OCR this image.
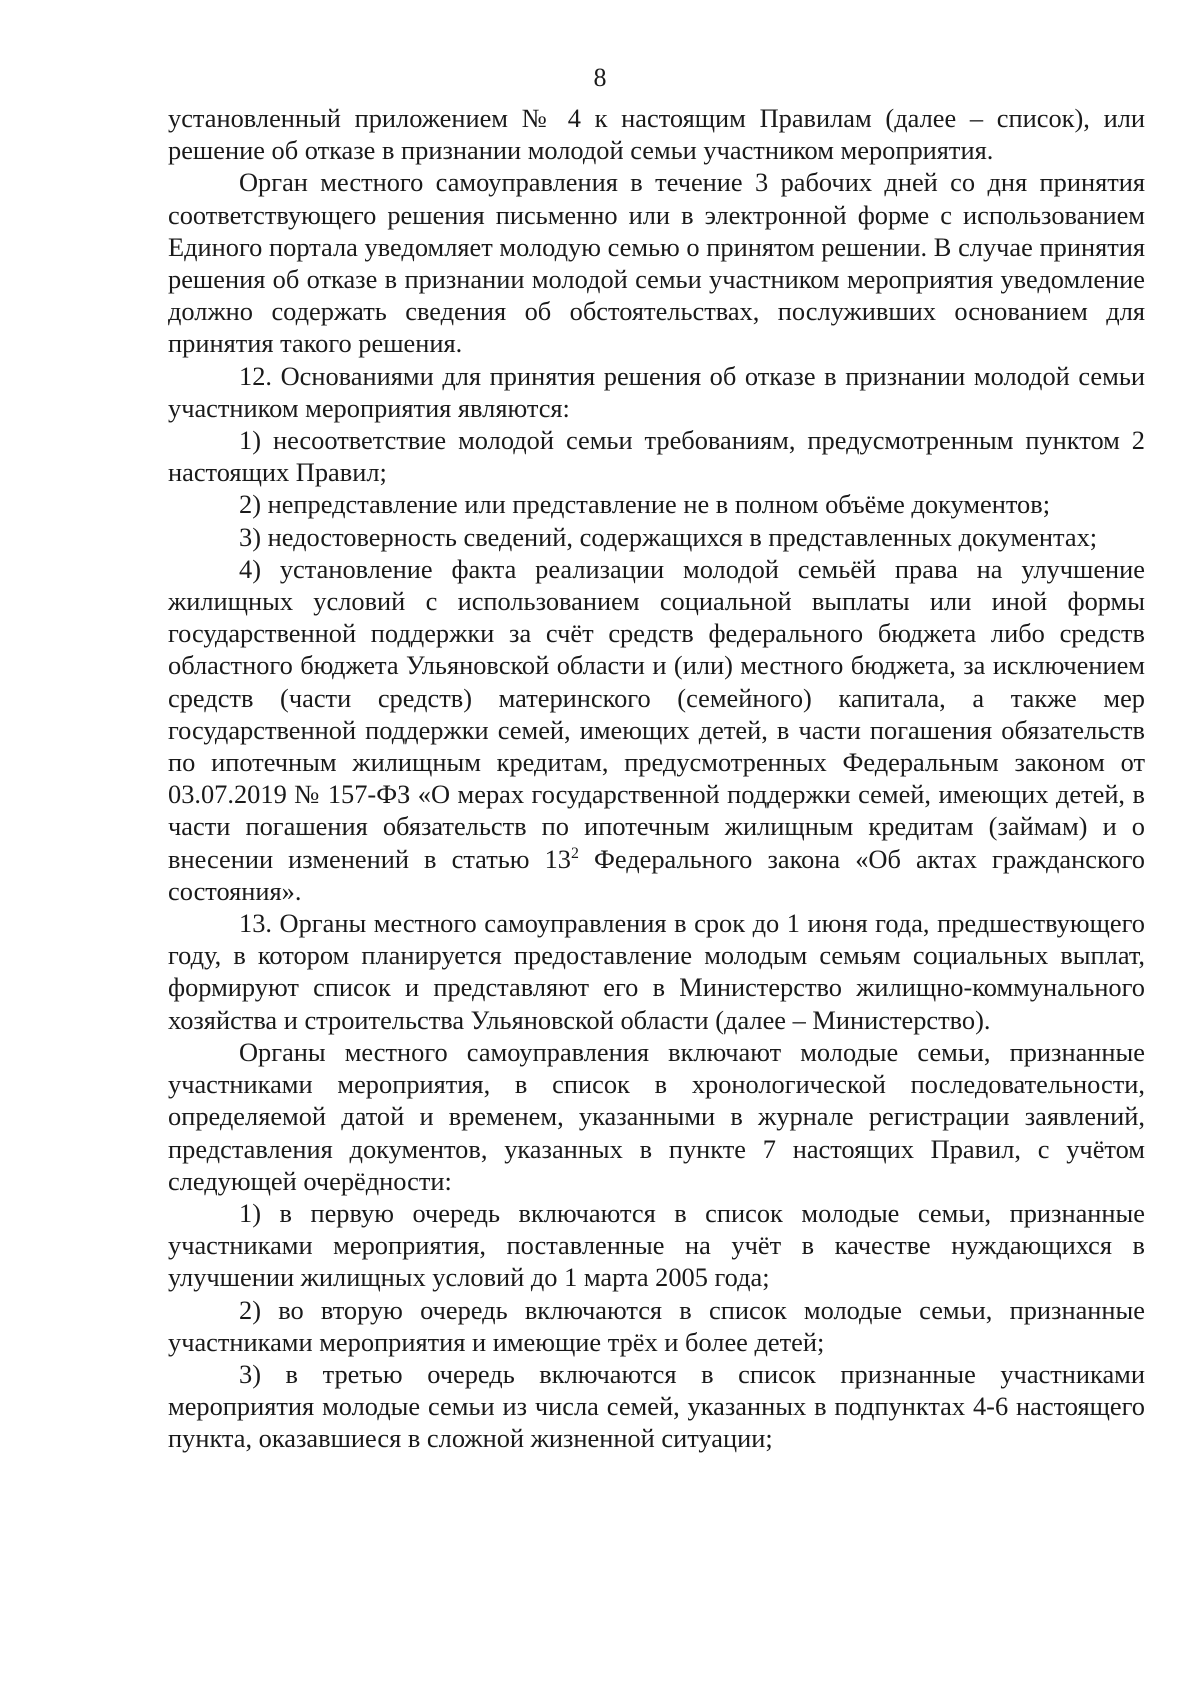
8

установленный приложением № 4 к настоящим Правилам (далее – список), или решение об отказе в признании молодой семьи участником мероприятия.

Орган местного самоуправления в течение 3 рабочих дней со дня принятия соответствующего решения письменно или в электронной форме с использованием Единого портала уведомляет молодую семью о принятом решении. В случае принятия решения об отказе в признании молодой семьи участником мероприятия уведомление должно содержать сведения об обстоятельствах, послуживших основанием для принятия такого решения.

12. Основаниями для принятия решения об отказе в признании молодой семьи участником мероприятия являются:

1) несоответствие молодой семьи требованиям, предусмотренным пунктом 2 настоящих Правил;

2) непредставление или представление не в полном объёме документов;

3) недостоверность сведений, содержащихся в представленных документах;

4) установление факта реализации молодой семьёй права на улучшение жилищных условий с использованием социальной выплаты или иной формы государственной поддержки за счёт средств федерального бюджета либо средств областного бюджета Ульяновской области и (или) местного бюджета, за исключением средств (части средств) материнского (семейного) капитала, а также мер государственной поддержки семей, имеющих детей, в части погашения обязательств по ипотечным жилищным кредитам, предусмотренных Федеральным законом от 03.07.2019 № 157-ФЗ «О мерах государственной поддержки семей, имеющих детей, в части погашения обязательств по ипотечным жилищным кредитам (займам) и о внесении изменений в статью $13^2$ Федерального закона «Об актах гражданского состояния».

13. Органы местного самоуправления в срок до 1 июня года, предшествующего году, в котором планируется предоставление молодым семьям социальных выплат, формируют список и представляют его в Министерство жилищно-коммунального хозяйства и строительства Ульяновской области (далее – Министерство).

Органы местного самоуправления включают молодые семьи, признанные участниками мероприятия, в список в хронологической последовательности, определяемой датой и временем, указанными в журнале регистрации заявлений, представления документов, указанных в пункте 7 настоящих Правил, с учётом следующей очерёдности:

1) в первую очередь включаются в список молодые семьи, признанные участниками мероприятия, поставленные на учёт в качестве нуждающихся в улучшении жилищных условий до 1 марта 2005 года;

2) во вторую очередь включаются в список молодые семьи, признанные участниками мероприятия и имеющие трёх и более детей;

3) в третью очередь включаются в список признанные участниками мероприятия молодые семьи из числа семей, указанных в подпунктах 4-6 настоящего пункта, оказавшиеся в сложной жизненной ситуации;
